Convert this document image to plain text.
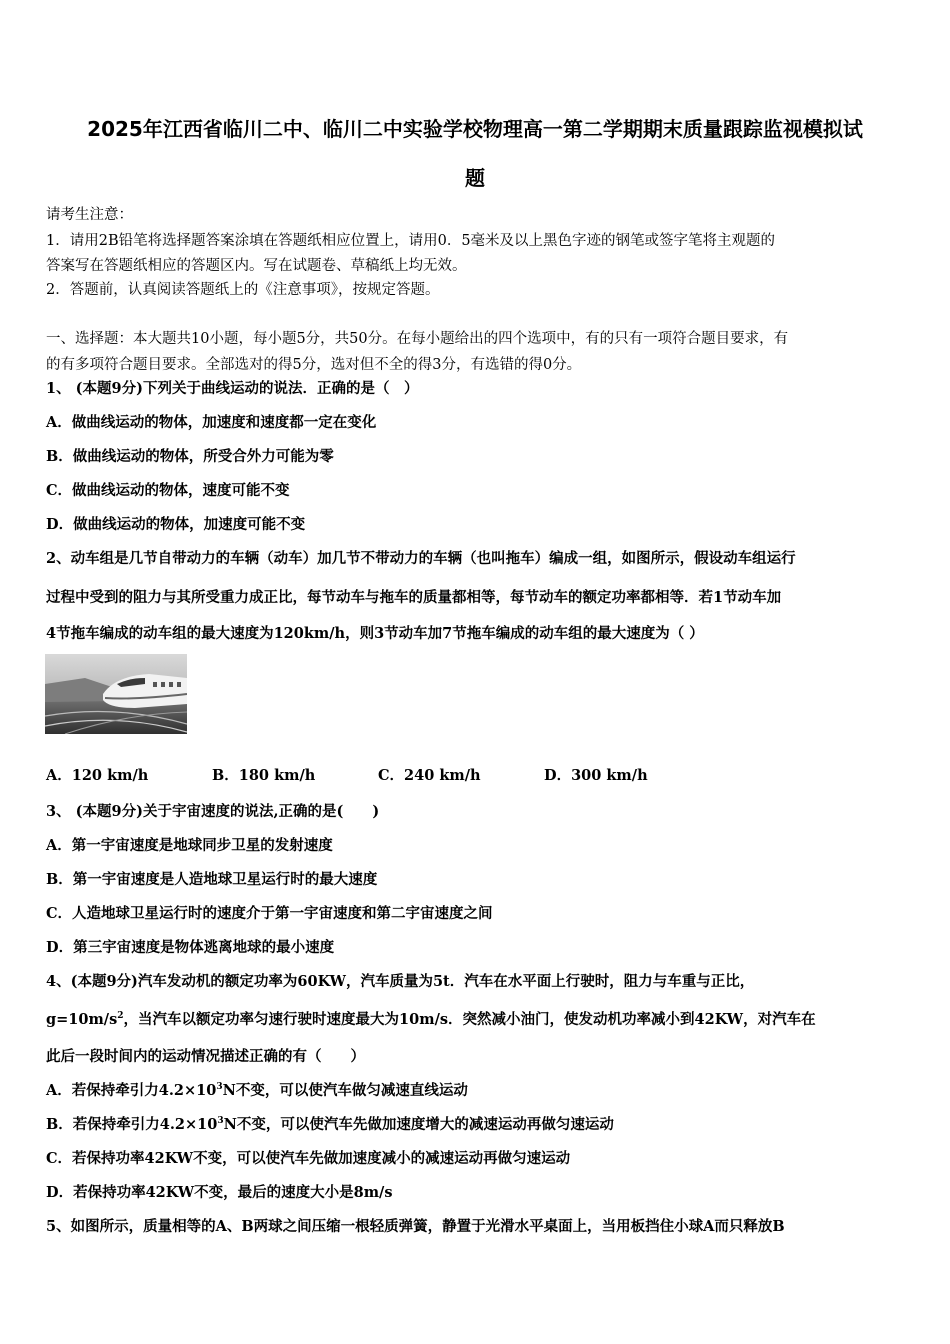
2025年江西省临川二中、临川二中实验学校物理高一第二学期期末质量跟踪监视模拟试
题
请考生注意：
1．请用2B铅笔将选择题答案涂填在答题纸相应位置上，请用0．5毫米及以上黑色字迹的钢笔或签字笔将主观题的
答案写在答题纸相应的答题区内。写在试题卷、草稿纸上均无效。
2．答题前，认真阅读答题纸上的《注意事项》，按规定答题。
一、选择题：本大题共10小题，每小题5分，共50分。在每小题给出的四个选项中，有的只有一项符合题目要求，有
的有多项符合题目要求。全部选对的得5分，选对但不全的得3分，有选错的得0分。
1、 (本题9分)下列关于曲线运动的说法．正确的是（　）
A．做曲线运动的物体，加速度和速度都一定在变化
B．做曲线运动的物体，所受合外力可能为零
C．做曲线运动的物体，速度可能不变
D．做曲线运动的物体，加速度可能不变
2、动车组是几节自带动力的车辆（动车）加几节不带动力的车辆（也叫拖车）编成一组，如图所示，假设动车组运行
过程中受到的阻力与其所受重力成正比，每节动车与拖车的质量都相等，每节动车的额定功率都相等．若1节动车加
4节拖车编成的动车组的最大速度为120km/h，则3节动车加7节拖车编成的动车组的最大速度为（ ）
A．120 km/h	B．180 km/h	C．240 km/h	D．300 km/h
3、 (本题9分)关于宇宙速度的说法,正确的是(　　)
A．第一宇宙速度是地球同步卫星的发射速度
B．第一宇宙速度是人造地球卫星运行时的最大速度
C．人造地球卫星运行时的速度介于第一宇宙速度和第二宇宙速度之间
D．第三宇宙速度是物体逃离地球的最小速度
4、(本题9分)汽车发动机的额定功率为60KW，汽车质量为5t．汽车在水平面上行驶时，阻力与车重与正比，
$g=10m/s^2$，当汽车以额定功率匀速行驶时速度最大为10m/s．突然减小油门，使发动机功率减小到42KW，对汽车在
此后一段时间内的运动情况描述正确的有（　　）
A．若保持牵引力$4.2\times 10^3N$不变，可以使汽车做匀减速直线运动
B．若保持牵引力$4.2\times 10^3N$不变，可以使汽车先做加速度增大的减速运动再做匀速运动
C．若保持功率42KW不变，可以使汽车先做加速度减小的减速运动再做匀速运动
D．若保持功率42KW不变，最后的速度大小是8m/s
5、如图所示，质量相等的A、B两球之间压缩一根轻质弹簧，静置于光滑水平桌面上，当用板挡住小球A而只释放B
